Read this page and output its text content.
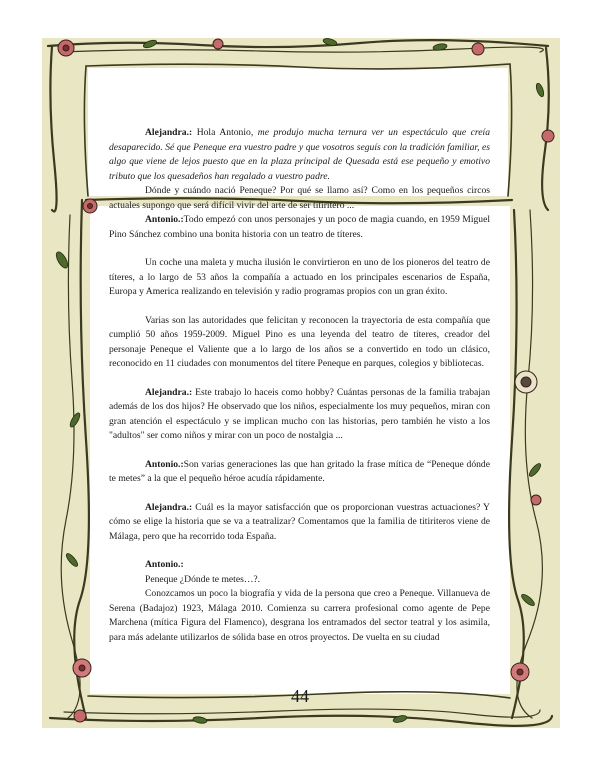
Alejandra.: Hola Antonio, me produjo mucha ternura ver un espectáculo que creía desaparecido. Sé que Peneque era vuestro padre y que vosotros seguís con la tradición familiar, es algo que viene de lejos puesto que en la plaza principal de Quesada está ese pequeño y emotivo tributo que los quesadeños han regalado a vuestro padre.

Dónde y cuándo nació Peneque? Por qué se llamo así? Como en los pequeños circos actuales supongo que será difícil vivir del arte de ser titiritero ...

Antonio.:Todo empezó con unos personajes y un poco de magia cuando, en 1959 Miguel Pino Sánchez combino una bonita historia con un teatro de títeres.

Un coche una maleta y mucha ilusión le convirtieron en uno de los pioneros del teatro de títeres, a lo largo de 53 años la compañía a actuado en los principales escenarios de España, Europa y America realizando en televisión y radio programas propios con un gran éxito.

Varias son las autoridades que felicitan y reconocen la trayectoria de esta compañía que cumplió 50 años 1959-2009. Miguel Pino es una leyenda del teatro de títeres, creador del personaje Peneque el Valiente que a lo largo de los años se a convertido en todo un clásico, reconocido en 11 ciudades con monumentos del títere Peneque en parques, colegios y bibliotecas.

Alejandra.: Este trabajo lo haceis como hobby? Cuántas personas de la familia trabajan además de los dos hijos? He observado que los niños, especialmente los muy pequeños, miran con gran atención el espectáculo y se implican mucho con las historias, pero también he visto a los "adultos" ser como niños y mirar con un poco de nostalgia ...

Antonio.:Son varias generaciones las que han gritado la frase mítica de “Peneque dónde te metes” a la que el pequeño héroe acudía rápidamente.

Alejandra.: Cuál es la mayor satisfacción que os proporcionan vuestras actuaciones? Y cómo se elige la historia que se va a teatralizar? Comentamos que la familia de titiriteros viene de Málaga, pero que ha recorrido toda España.

Antonio.:

Peneque ¿Dónde te metes…?.

Conozcamos un poco la biografía y vida de la persona que creo a Peneque. Villanueva de Serena (Badajoz) 1923, Málaga 2010. Comienza su carrera profesional como agente de Pepe Marchena (mítica Figura del Flamenco), desgrana los entramados del sector teatral y los asimila, para más adelante utilizarlos de sólida base en otros proyectos. De vuelta en su ciudad

44
